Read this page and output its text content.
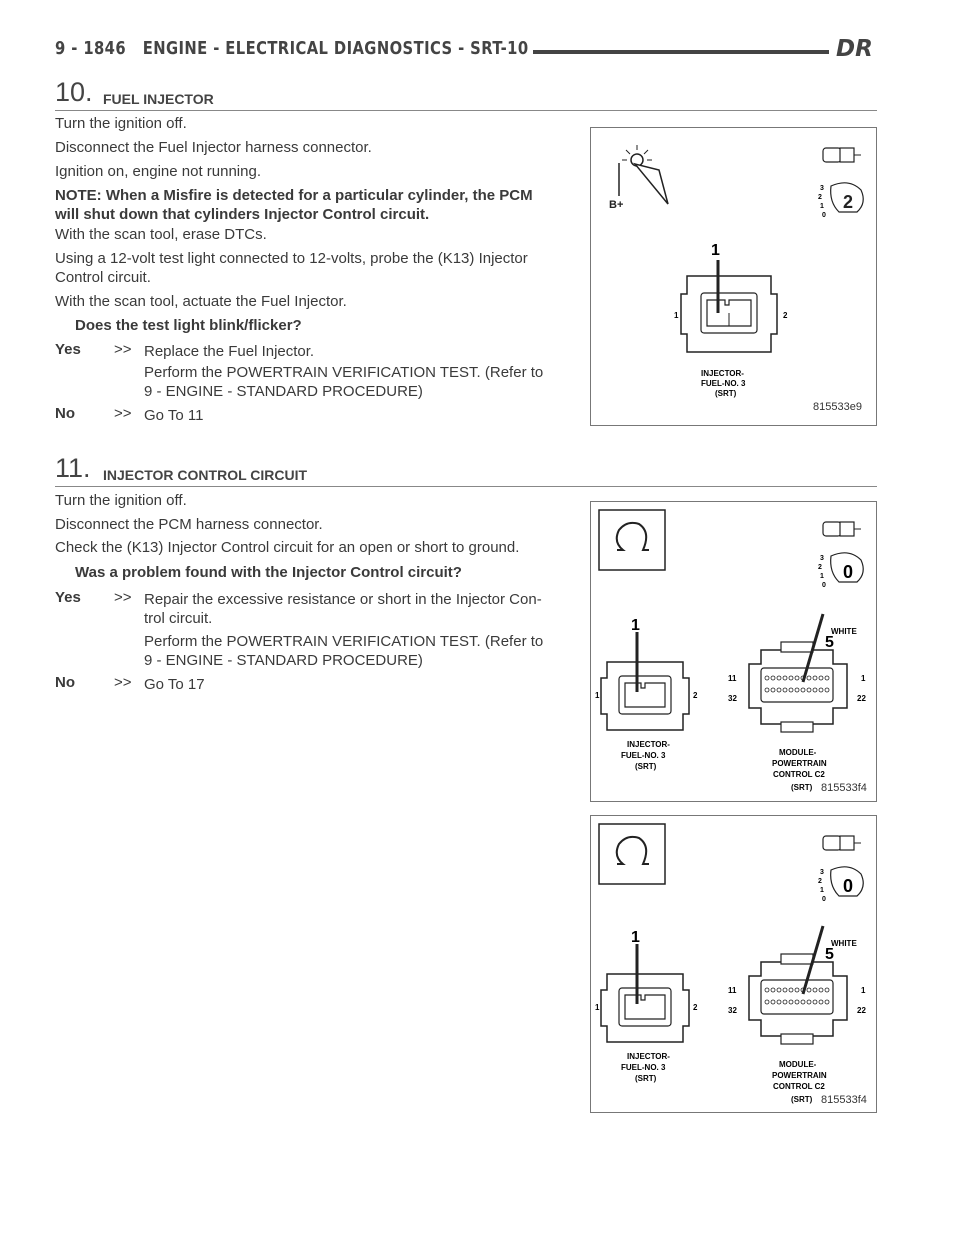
9 - 1846 ENGINE - ELECTRICAL DIAGNOSTICS - SRT-10	DR
10. FUEL INJECTOR
Turn the ignition off.
Disconnect the Fuel Injector harness connector.
Ignition on, engine not running.
NOTE: When a Misfire is detected for a particular cylinder, the PCM
will shut down that cylinders Injector Control circuit.
With the scan tool, erase DTCs.
Using a 12-volt test light connected to 12-volts, probe the (K13) Injector
Control circuit.
With the scan tool, actuate the Fuel Injector.
Does the test light blink/flicker?
Yes >> Replace the Fuel Injector.
Perform the POWERTRAIN VERIFICATION TEST. (Refer to
9 - ENGINE - STANDARD PROCEDURE)
No	>> Go To 11
B+
3
2
1
0
2
1
1	2
INJECTOR-
FUEL-NO. 3
(SRT)
815533e9
11. INJECTOR CONTROL CIRCUIT
Turn the ignition off.
Disconnect the PCM harness connector.
Check the (K13) Injector Control circuit for an open or short to ground.
Was a problem found with the Injector Control circuit?
Yes >> Repair the excessive resistance or short in the Injector Con-
trol circuit.
Perform the POWERTRAIN VERIFICATION TEST. (Refer to
9 - ENGINE - STANDARD PROCEDURE)
No	>> Go To 17
3
2
1
0
0
1
1	2
INJECTOR-
FUEL-NO. 3
(SRT)
5
WHITE
11
32
1
22
MODULE-
POWERTRAIN
CONTROL C2
(SRT) 815533f4
3
2
1
0
0
1
1	2
INJECTOR-
FUEL-NO. 3
(SRT)
5
WHITE
11
32
1
22
MODULE-
POWERTRAIN
CONTROL C2
(SRT) 815533f4
